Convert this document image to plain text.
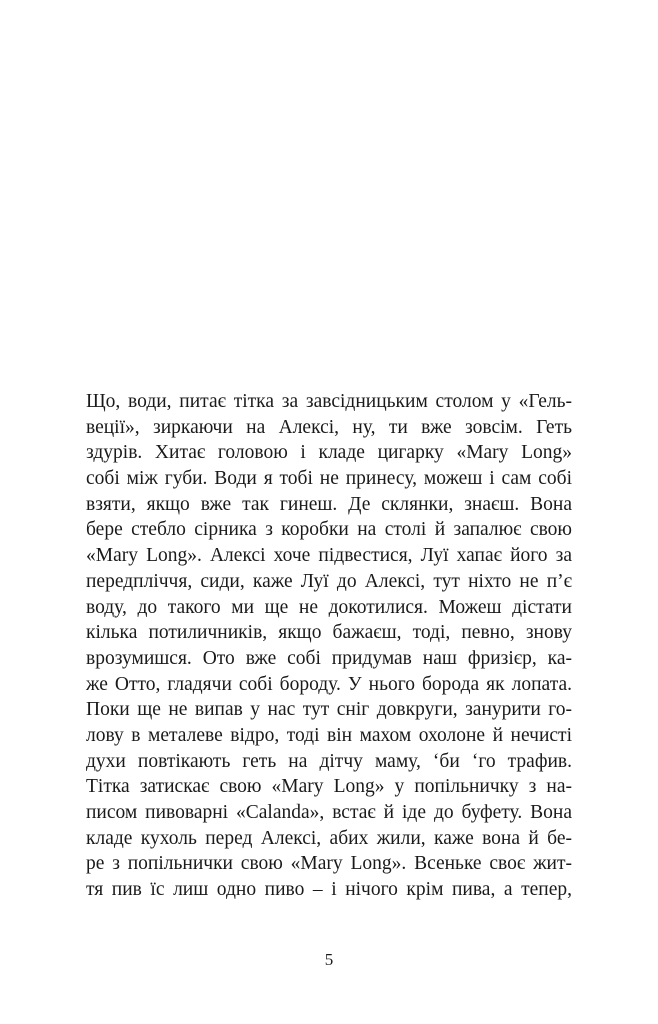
Що, води, питає тітка за завсідницьким столом у «Гель-
веції», зиркаючи на Алексі, ну, ти вже зовсім. Геть
здурів. Хитає головою і кладе цигарку «Mary Long»
собі між губи. Води я тобі не принесу, можеш і сам собі
взяти, якщо вже так гинеш. Де склянки, знаєш. Вона
бере стебло сірника з коробки на столі й запалює свою
«Mary Long». Алексі хоче підвестися, Луї хапає його за
передпліччя, сиди, каже Луї до Алексі, тут ніхто не п’є
воду, до такого ми ще не докотилися. Можеш дістати
кілька потиличників, якщо бажаєш, тоді, певно, знову
врозумишся. Ото вже собі придумав наш фризієр, ка-
же Отто, гладячи собі бороду. У нього борода як лопата.
Поки ще не випав у нас тут сніг довкруги, занурити го-
лову в металеве відро, тоді він махом охолоне й нечисті
духи повтікають геть на дітчу маму, ‘би ‘го трафив.
Тітка затискає свою «Mary Long» у попільничку з на-
писом пивоварні «Calanda», встає й іде до буфету. Вона
кладе кухоль перед Алексі, абих жили, каже вона й бе-
ре з попільнички свою «Mary Long». Всеньке своє жит-
тя пив їс лиш одно пиво – і нічого крім пива, а тепер,
5
